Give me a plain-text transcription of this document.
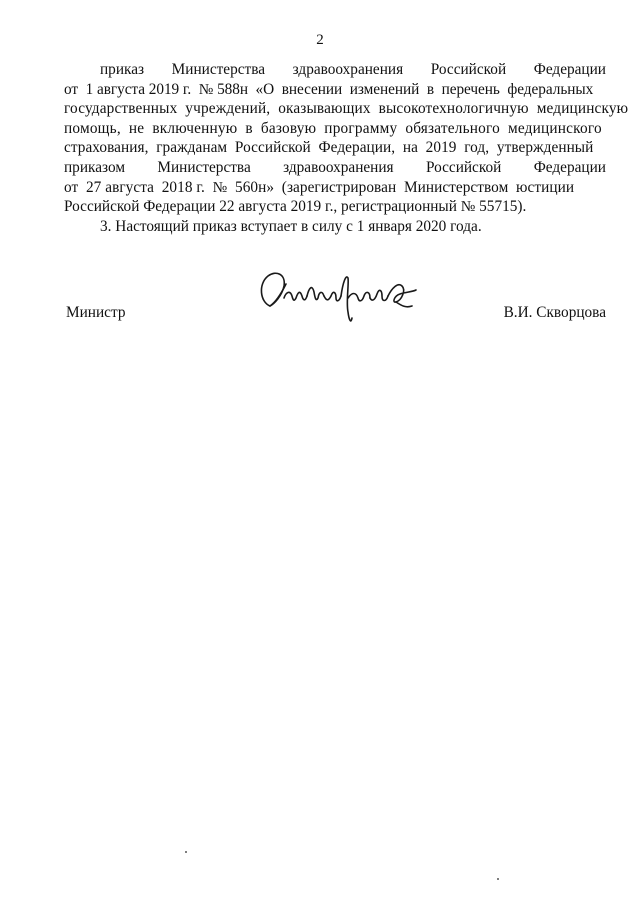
2
приказ Министерства здравоохранения Российской Федерации
от  1 августа 2019 г.  № 588н  «О  внесении  изменений  в  перечень  федеральных
государственных  учреждений,  оказывающих  высокотехнологичную  медицинскую
помощь,  не  включенную  в  базовую  программу  обязательного  медицинского
страхования,  гражданам  Российской  Федерации,  на  2019  год,  утвержденный
приказом Министерства здравоохранения Российской Федерации
от  27 августа  2018 г.  №  560н»  (зарегистрирован  Министерством  юстиции
Российской Федерации 22 августа 2019 г., регистрационный № 55715).
3. Настоящий приказ вступает в силу с 1 января 2020 года.
Министр	В.И. Скворцова
